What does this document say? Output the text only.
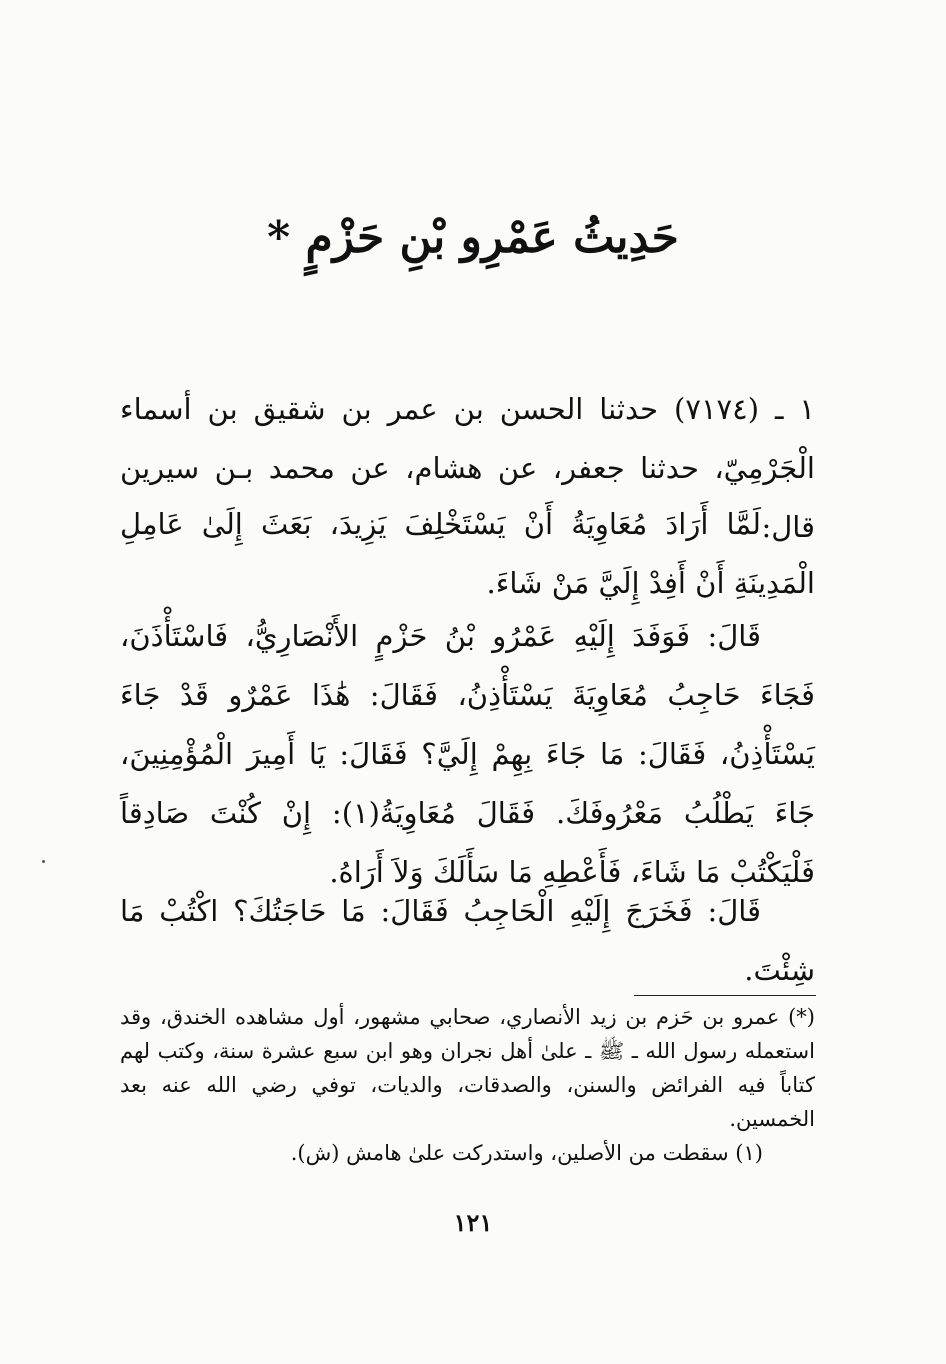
حَدِيثُ عَمْرِو بْنِ حَزْمٍ *

١ ـ (٧١٧٤) حدثنا الحسن بن عمر بن شقيق بن أسماء الْجَرْمِيّ، حدثنا جعفر، عن هشام، عن محمد بـن سيرين قال:

لَمَّا أَرَادَ مُعَاوِيَةُ أَنْ يَسْتَخْلِفَ يَزِيدَ، بَعَثَ إِلَىٰ عَامِلِ الْمَدِينَةِ أَنْ أَفِدْ إِلَيَّ مَنْ شَاءَ.

قَالَ: فَوَفَدَ إِلَيْهِ عَمْرُو بْنُ حَزْمٍ الأَنْصَارِيُّ، فَاسْتَأْذَنَ، فَجَاءَ حَاجِبُ مُعَاوِيَةَ يَسْتَأْذِنُ، فَقَالَ: هَٰذَا عَمْرٌو قَدْ جَاءَ يَسْتَأْذِنُ، فَقَالَ: مَا جَاءَ بِهِمْ إِلَيَّ؟ فَقَالَ: يَا أَمِيرَ الْمُؤْمِنِينَ، جَاءَ يَطْلُبُ مَعْرُوفَكَ. فَقَالَ مُعَاوِيَةُ(١): إِنْ كُنْتَ صَادِقاً فَلْيَكْتُبْ مَا شَاءَ، فَأَعْطِهِ مَا سَأَلَكَ وَلاَ أَرَاهُ.

قَالَ: فَخَرَجَ إِلَيْهِ الْحَاجِبُ فَقَالَ: مَا حَاجَتُكَ؟ اكْتُبْ مَا شِئْتَ.

(*) عمرو بن حَزم بن زيد الأنصاري، صحابي مشهور، أول مشاهده الخندق، وقد استعمله رسول الله ـ ﷺ ـ علىٰ أهل نجران وهو ابن سبع عشرة سنة، وكتب لهم كتاباً فيه الفرائض والسنن، والصدقات، والديات، توفي رضي الله عنه بعد الخمسين.

(١) سقطت من الأصلين، واستدركت علىٰ هامش (ش).

١٢١
